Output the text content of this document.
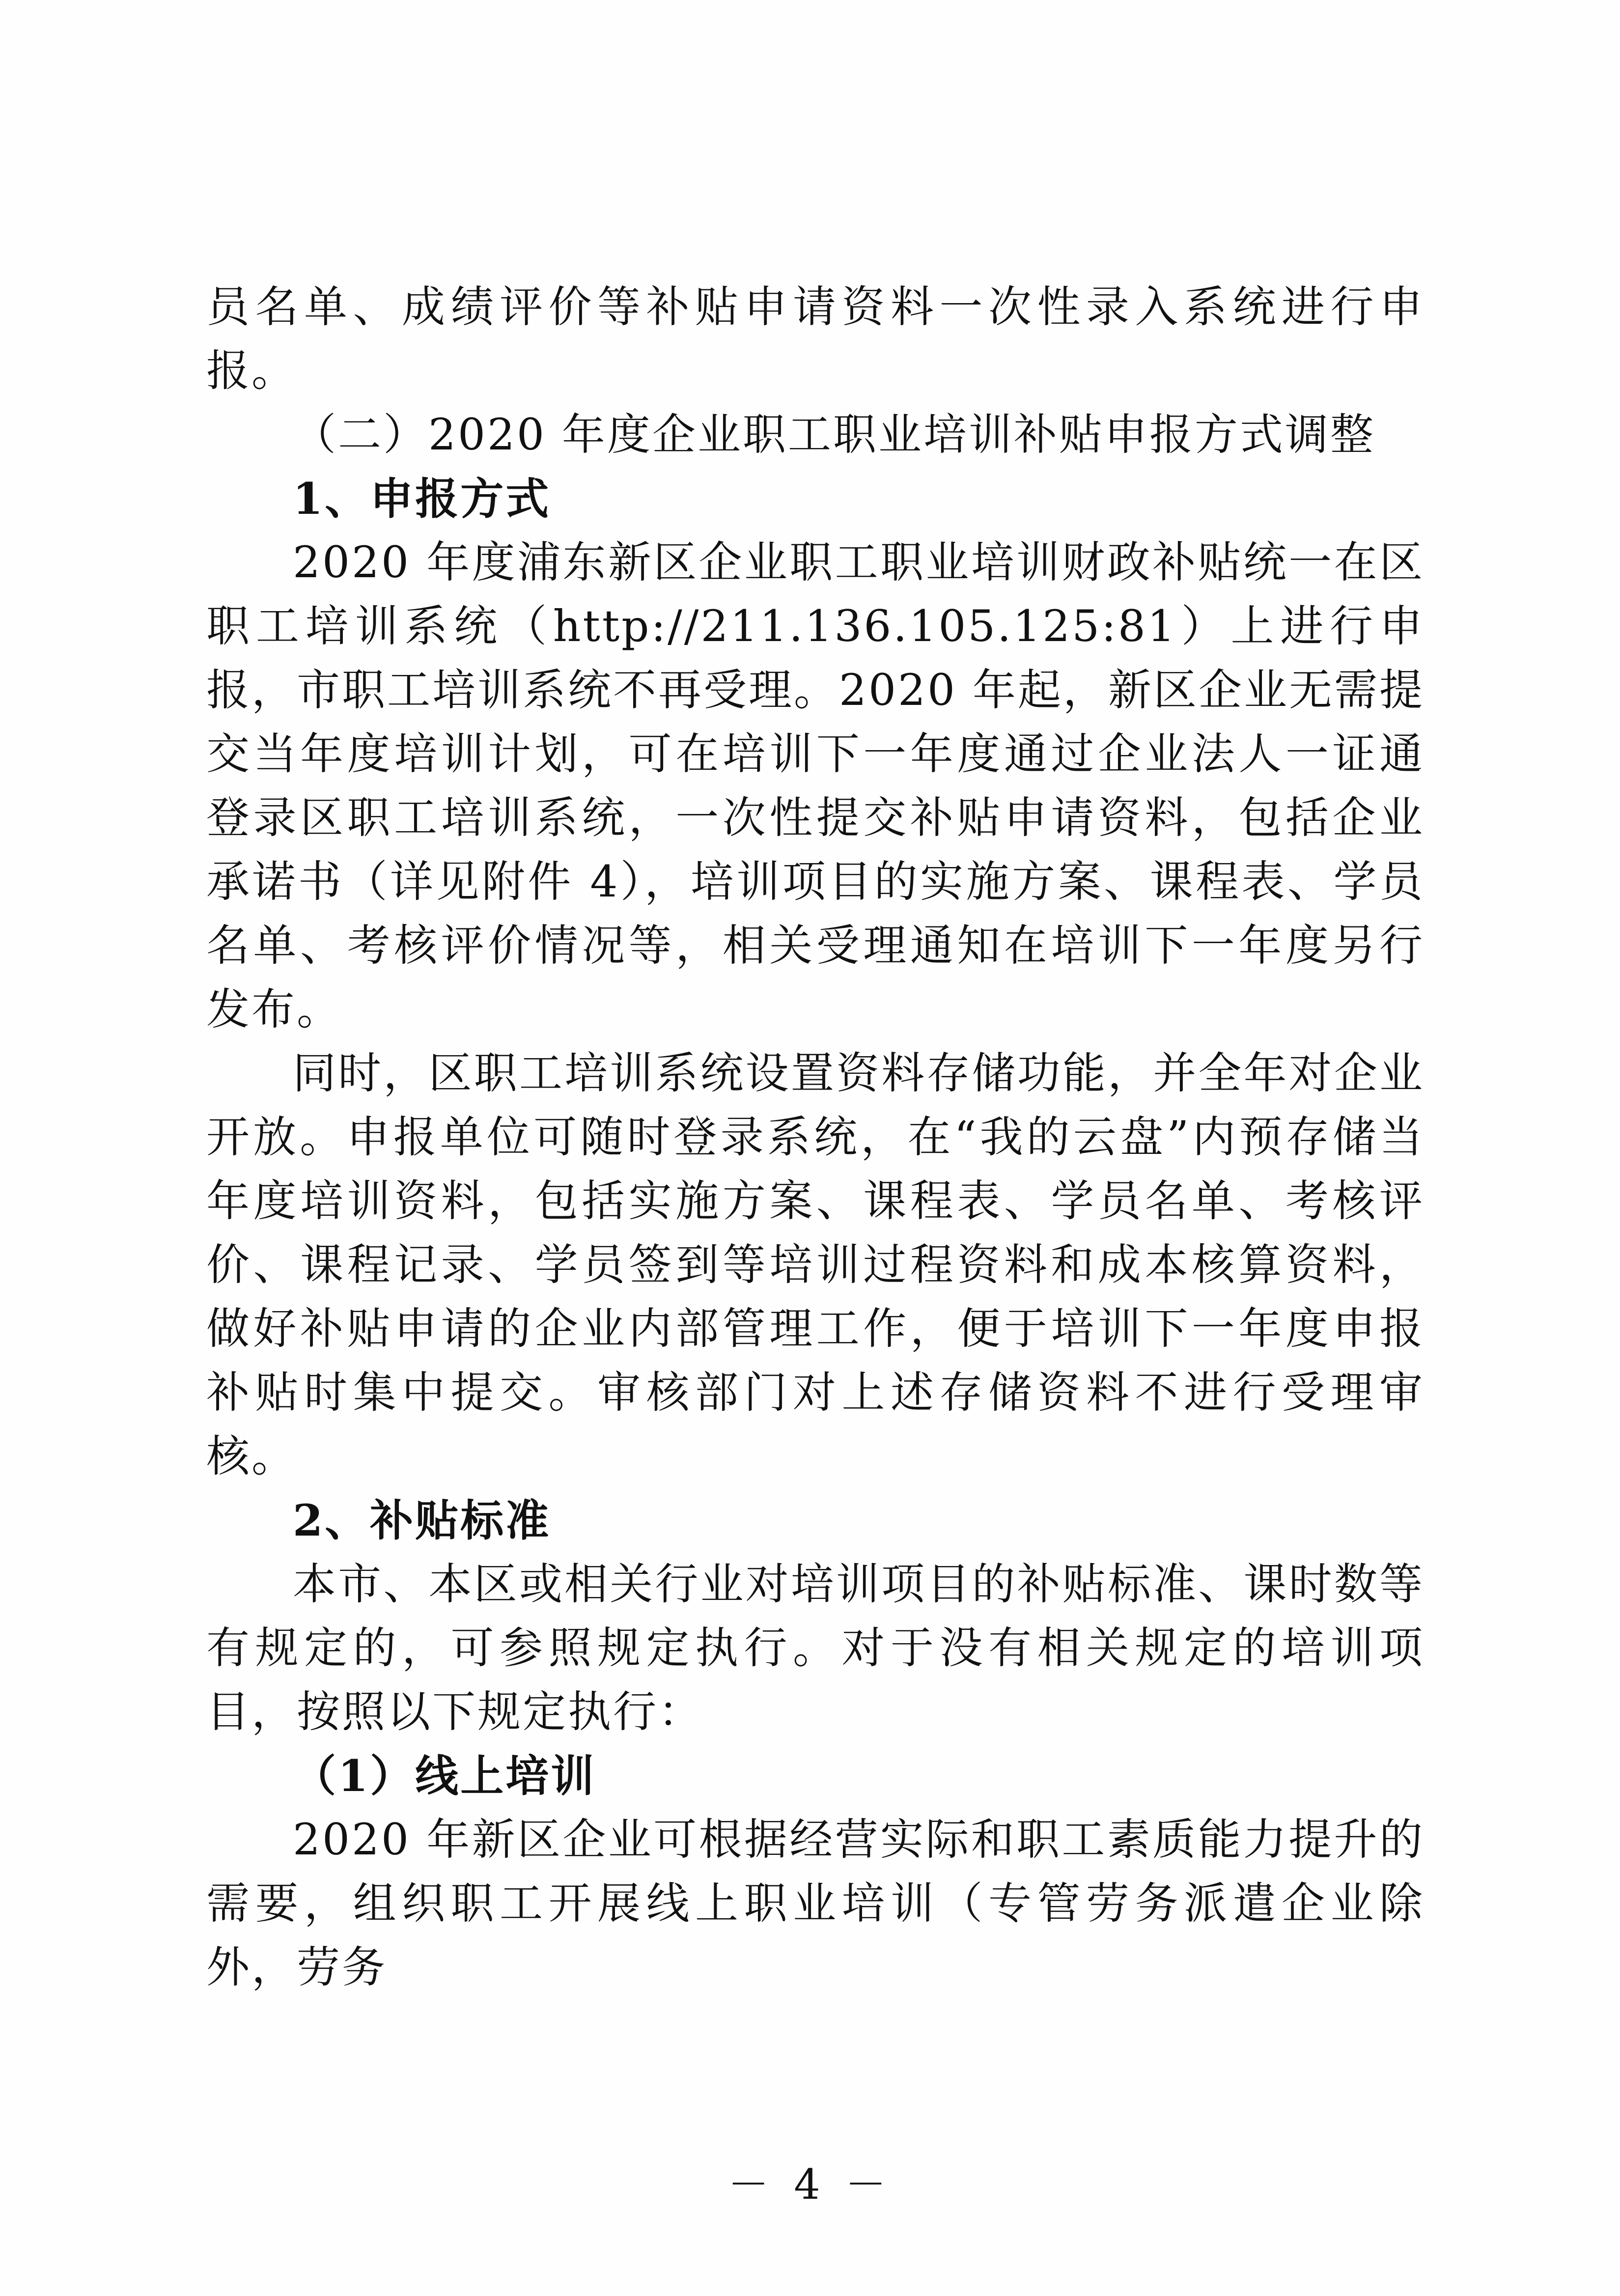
员名单、成绩评价等补贴申请资料一次性录入系统进行申报。

（二）2020 年度企业职工职业培训补贴申报方式调整

1、申报方式

2020 年度浦东新区企业职工职业培训财政补贴统一在区职工培训系统（http://211.136.105.125:81）上进行申报，市职工培训系统不再受理。2020 年起，新区企业无需提交当年度培训计划，可在培训下一年度通过企业法人一证通登录区职工培训系统，一次性提交补贴申请资料，包括企业承诺书（详见附件 4），培训项目的实施方案、课程表、学员名单、考核评价情况等，相关受理通知在培训下一年度另行发布。

同时，区职工培训系统设置资料存储功能，并全年对企业开放。申报单位可随时登录系统，在“我的云盘”内预存储当年度培训资料，包括实施方案、课程表、学员名单、考核评价、课程记录、学员签到等培训过程资料和成本核算资料，做好补贴申请的企业内部管理工作，便于培训下一年度申报补贴时集中提交。审核部门对上述存储资料不进行受理审核。

2、补贴标准

本市、本区或相关行业对培训项目的补贴标准、课时数等有规定的，可参照规定执行。对于没有相关规定的培训项目，按照以下规定执行：

（1）线上培训

2020 年新区企业可根据经营实际和职工素质能力提升的需要，组织职工开展线上职业培训（专管劳务派遣企业除外，劳务

－ 4 －
